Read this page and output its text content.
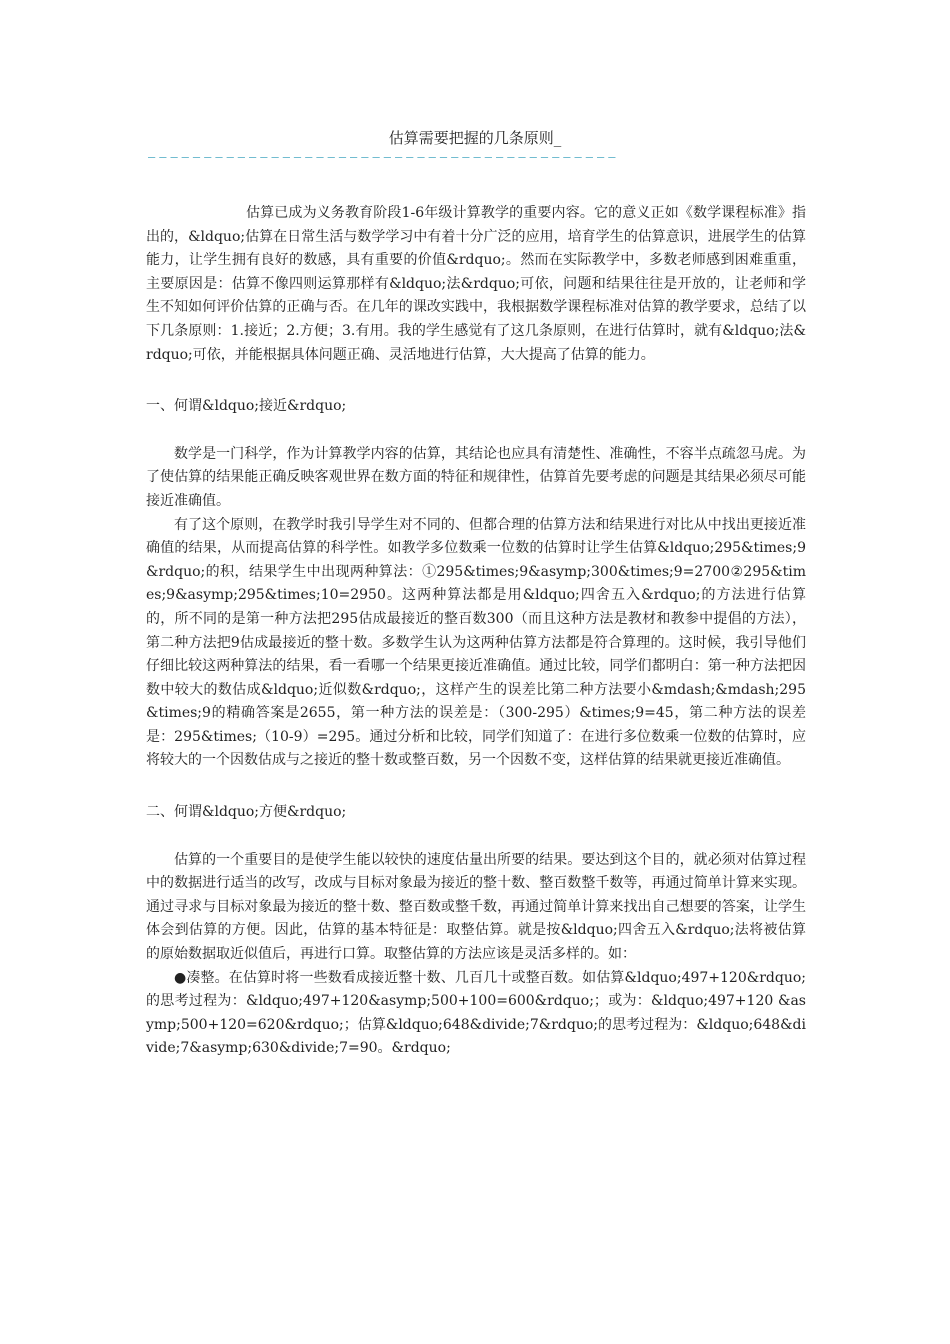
估算需要把握的几条原则_
——————————————————————————————————————————

估算已成为义务教育阶段1-6年级计算教学的重要内容。它的意义正如《数学课程标准》指出的，&ldquo;估算在日常生活与数学学习中有着十分广泛的应用，培育学生的估算意识，进展学生的估算能力，让学生拥有良好的数感，具有重要的价值&rdquo;。然而在实际教学中，多数老师感到困难重重，主要原因是：估算不像四则运算那样有&ldquo;法&rdquo;可依，问题和结果往往是开放的，让老师和学生不知如何评价估算的正确与否。在几年的课改实践中，我根据数学课程标准对估算的教学要求，总结了以下几条原则：1.接近；2.方便；3.有用。我的学生感觉有了这几条原则，在进行估算时，就有&ldquo;法&rdquo;可依，并能根据具体问题正确、灵活地进行估算，大大提高了估算的能力。

一、何谓&ldquo;接近&rdquo;

数学是一门科学，作为计算教学内容的估算，其结论也应具有清楚性、准确性，不容半点疏忽马虎。为了使估算的结果能正确反映客观世界在数方面的特征和规律性，估算首先要考虑的问题是其结果必须尽可能接近准确值。

有了这个原则，在教学时我引导学生对不同的、但都合理的估算方法和结果进行对比从中找出更接近准确值的结果，从而提高估算的科学性。如教学多位数乘一位数的估算时让学生估算&ldquo;295&times;9&rdquo;的积，结果学生中出现两种算法：①295&times;9&asymp;300&times;9=2700②295&times;9&asymp;295&times;10=2950。这两种算法都是用&ldquo;四舍五入&rdquo;的方法进行估算的，所不同的是第一种方法把295估成最接近的整百数300（而且这种方法是教材和教参中提倡的方法），第二种方法把9估成最接近的整十数。多数学生认为这两种估算方法都是符合算理的。这时候，我引导他们仔细比较这两种算法的结果，看一看哪一个结果更接近准确值。通过比较，同学们都明白：第一种方法把因数中较大的数估成&ldquo;近似数&rdquo;，这样产生的误差比第二种方法要小&mdash;&mdash;295&times;9的精确答案是2655，第一种方法的误差是：（300-295）&times;9=45，第二种方法的误差是：295&times;（10-9）=295。通过分析和比较，同学们知道了：在进行多位数乘一位数的估算时，应将较大的一个因数估成与之接近的整十数或整百数，另一个因数不变，这样估算的结果就更接近准确值。

二、何谓&ldquo;方便&rdquo;

估算的一个重要目的是使学生能以较快的速度估量出所要的结果。要达到这个目的，就必须对估算过程中的数据进行适当的改写，改成与目标对象最为接近的整十数、整百数整千数等，再通过简单计算来实现。通过寻求与目标对象最为接近的整十数、整百数或整千数，再通过简单计算来找出自己想要的答案，让学生体会到估算的方便。因此，估算的基本特征是：取整估算。就是按&ldquo;四舍五入&rdquo;法将被估算的原始数据取近似值后，再进行口算。取整估算的方法应该是灵活多样的。如：

●凑整。在估算时将一些数看成接近整十数、几百几十或整百数。如估算&ldquo;497+120&rdquo;的思考过程为：&ldquo;497+120&asymp;500+100=600&rdquo;；或为：&ldquo;497+120 &asymp;500+120=620&rdquo;；估算&ldquo;648&divide;7&rdquo;的思考过程为：&ldquo;648&divide;7&asymp;630&divide;7=90。&rdquo;
